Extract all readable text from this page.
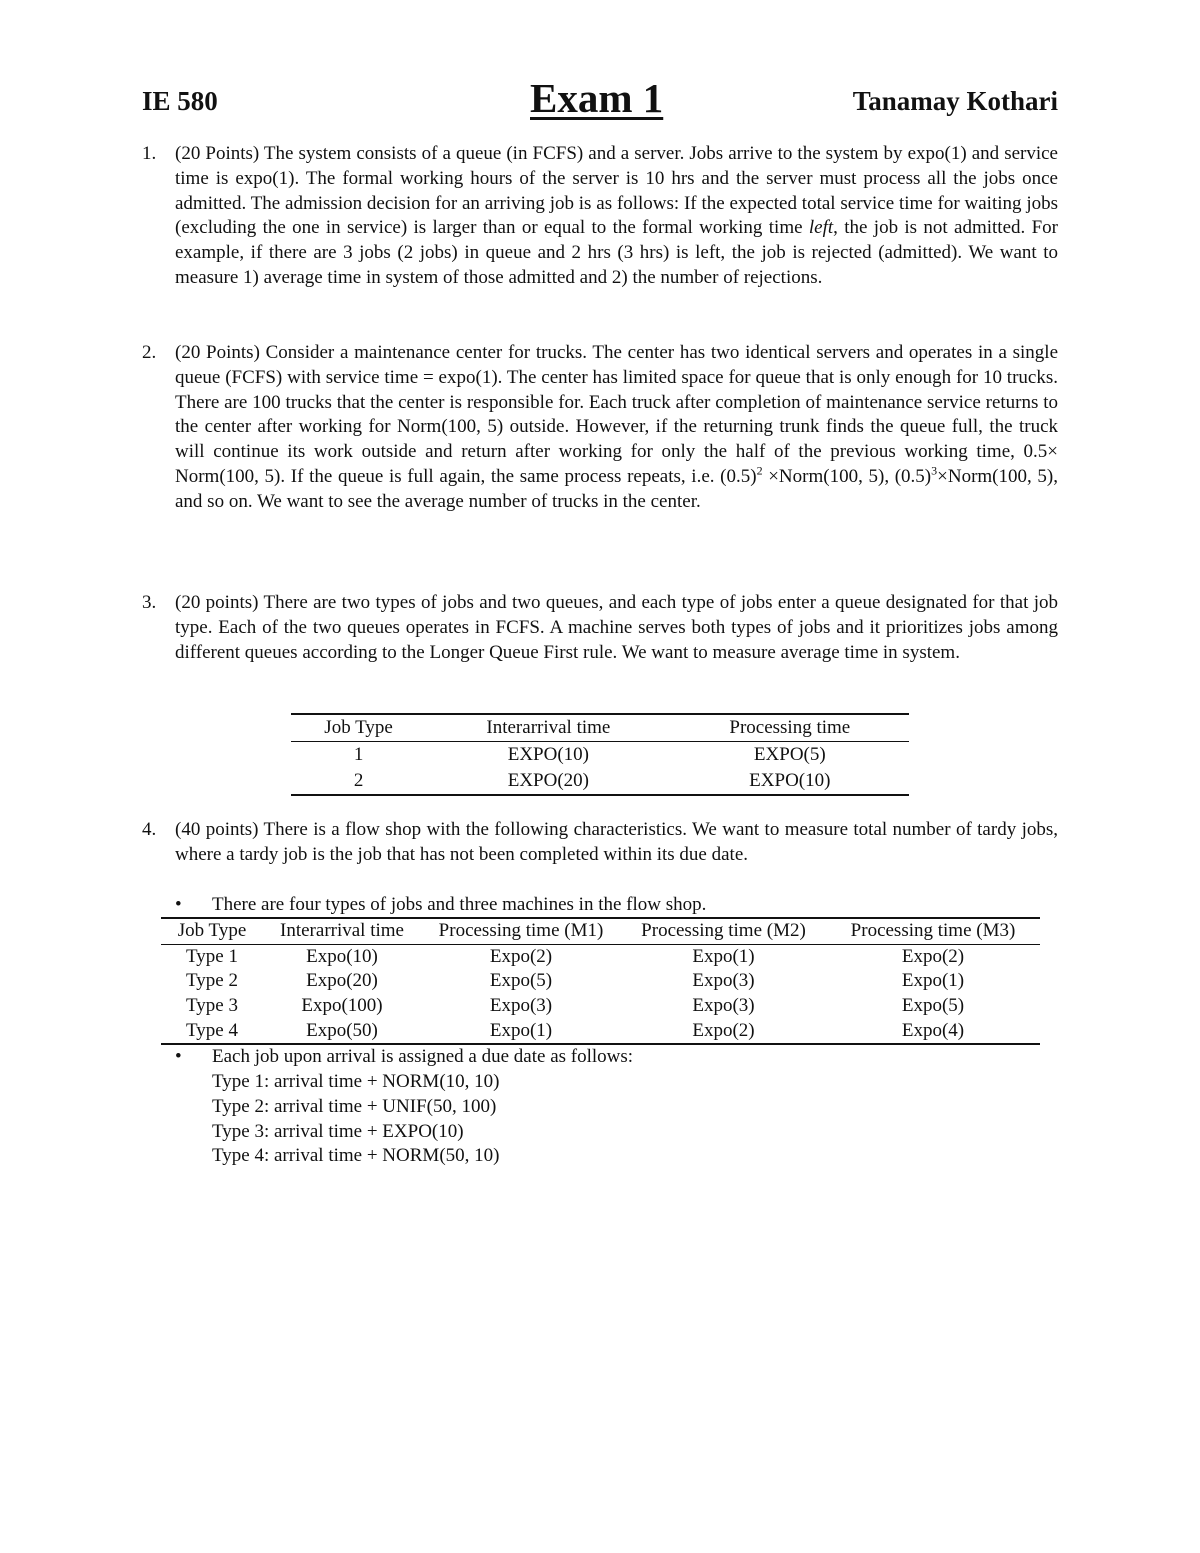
IE 580	Exam 1	Tanamay Kothari
1. (20 Points) The system consists of a queue (in FCFS) and a server. Jobs arrive to the system by expo(1) and service time is expo(1). The formal working hours of the server is 10 hrs and the server must process all the jobs once admitted. The admission decision for an arriving job is as follows: If the expected total service time for waiting jobs (excluding the one in service) is larger than or equal to the formal working time left, the job is not admitted. For example, if there are 3 jobs (2 jobs) in queue and 2 hrs (3 hrs) is left, the job is rejected (admitted). We want to measure 1) average time in system of those admitted and 2) the number of rejections.

2. (20 Points) Consider a maintenance center for trucks. The center has two identical servers and operates in a single queue (FCFS) with service time = expo(1). The center has limited space for queue that is only enough for 10 trucks. There are 100 trucks that the center is responsible for. Each truck after completion of maintenance service returns to the center after working for Norm(100, 5) outside. However, if the returning trunk finds the queue full, the truck will continue its work outside and return after working for only the half of the previous working time, 0.5× Norm(100, 5). If the queue is full again, the same process repeats, i.e. $(0.5)^2$ ×Norm(100, 5), $(0.5)^3\times Norm(100$, 5), and so on. We want to see the average number of trucks in the center.

3. (20 points) There are two types of jobs and two queues, and each type of jobs enter a queue designated for that job type. Each of the two queues operates in FCFS. A machine serves both types of jobs and it prioritizes jobs among different queues according to the Longer Queue First rule. We want to measure average time in system.

Job Type	Interarrival time	Processing time
1	EXPO(10)	EXPO(5)
2	EXPO(20)	EXPO(10)
4. (40 points) There is a flow shop with the following characteristics. We want to measure total number of tardy jobs, where a tardy job is the job that has not been completed within its due date.

• There are four types of jobs and three machines in the flow shop.
Job Type	Interarrival time	Processing time (M1)	Processing time (M2)	Processing time (M3)
Type 1	Expo(10)	Expo(2)	Expo(1)	Expo(2)
Type 2	Expo(20)	Expo(5)	Expo(3)	Expo(1)
Type 3	Expo(100)	Expo(3)	Expo(3)	Expo(5)
Type 4	Expo(50)	Expo(1)	Expo(2)	Expo(4)
• Each job upon arrival is assigned a due date as follows:
Type 1: arrival time + NORM(10, 10)
Type 2: arrival time + UNIF(50, 100)
Type 3: arrival time + EXPO(10)
Type 4: arrival time + NORM(50, 10)
